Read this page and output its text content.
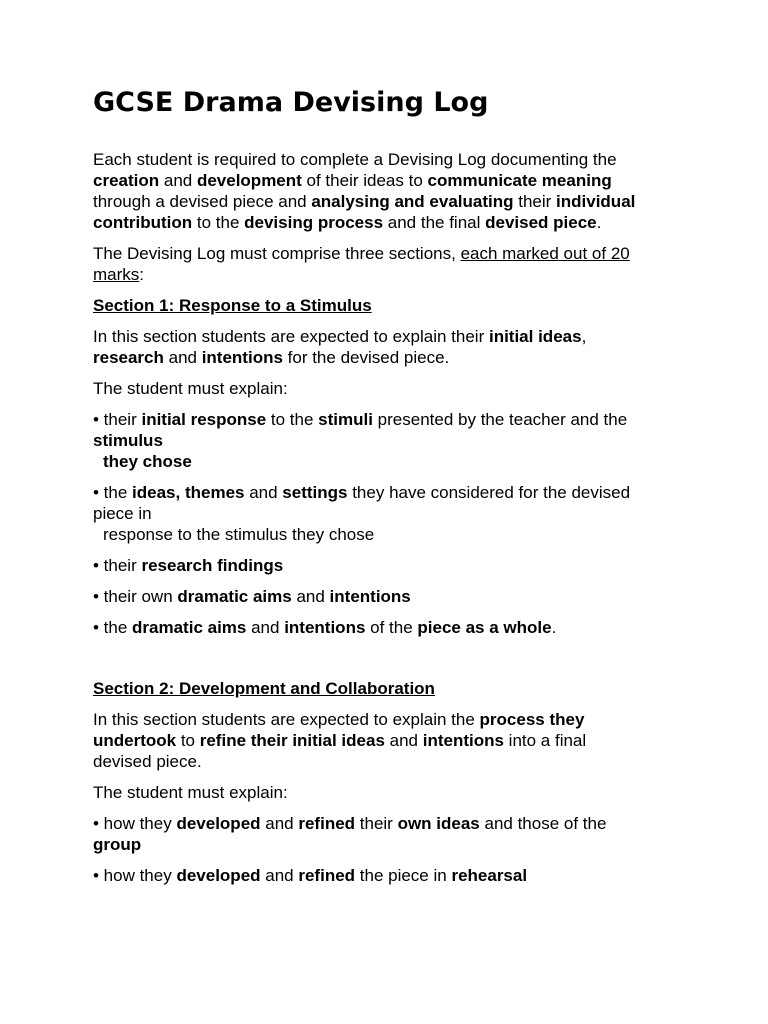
GCSE Drama Devising Log

Each student is required to complete a Devising Log documenting the
creation and development of their ideas to communicate meaning
through a devised piece and analysing and evaluating their individual
contribution to the devising process and the final devised piece.

The Devising Log must comprise three sections, each marked out of 20
marks:

Section 1: Response to a Stimulus

In this section students are expected to explain their initial ideas,
research and intentions for the devised piece.

The student must explain:

• their initial response to the stimuli presented by the teacher and the
stimulus
they chose

• the ideas, themes and settings they have considered for the devised
piece in
response to the stimulus they chose

• their research findings

• their own dramatic aims and intentions

• the dramatic aims and intentions of the piece as a whole.

Section 2: Development and Collaboration

In this section students are expected to explain the process they
undertook to refine their initial ideas and intentions into a final
devised piece.

The student must explain:

• how they developed and refined their own ideas and those of the
group

• how they developed and refined the piece in rehearsal
